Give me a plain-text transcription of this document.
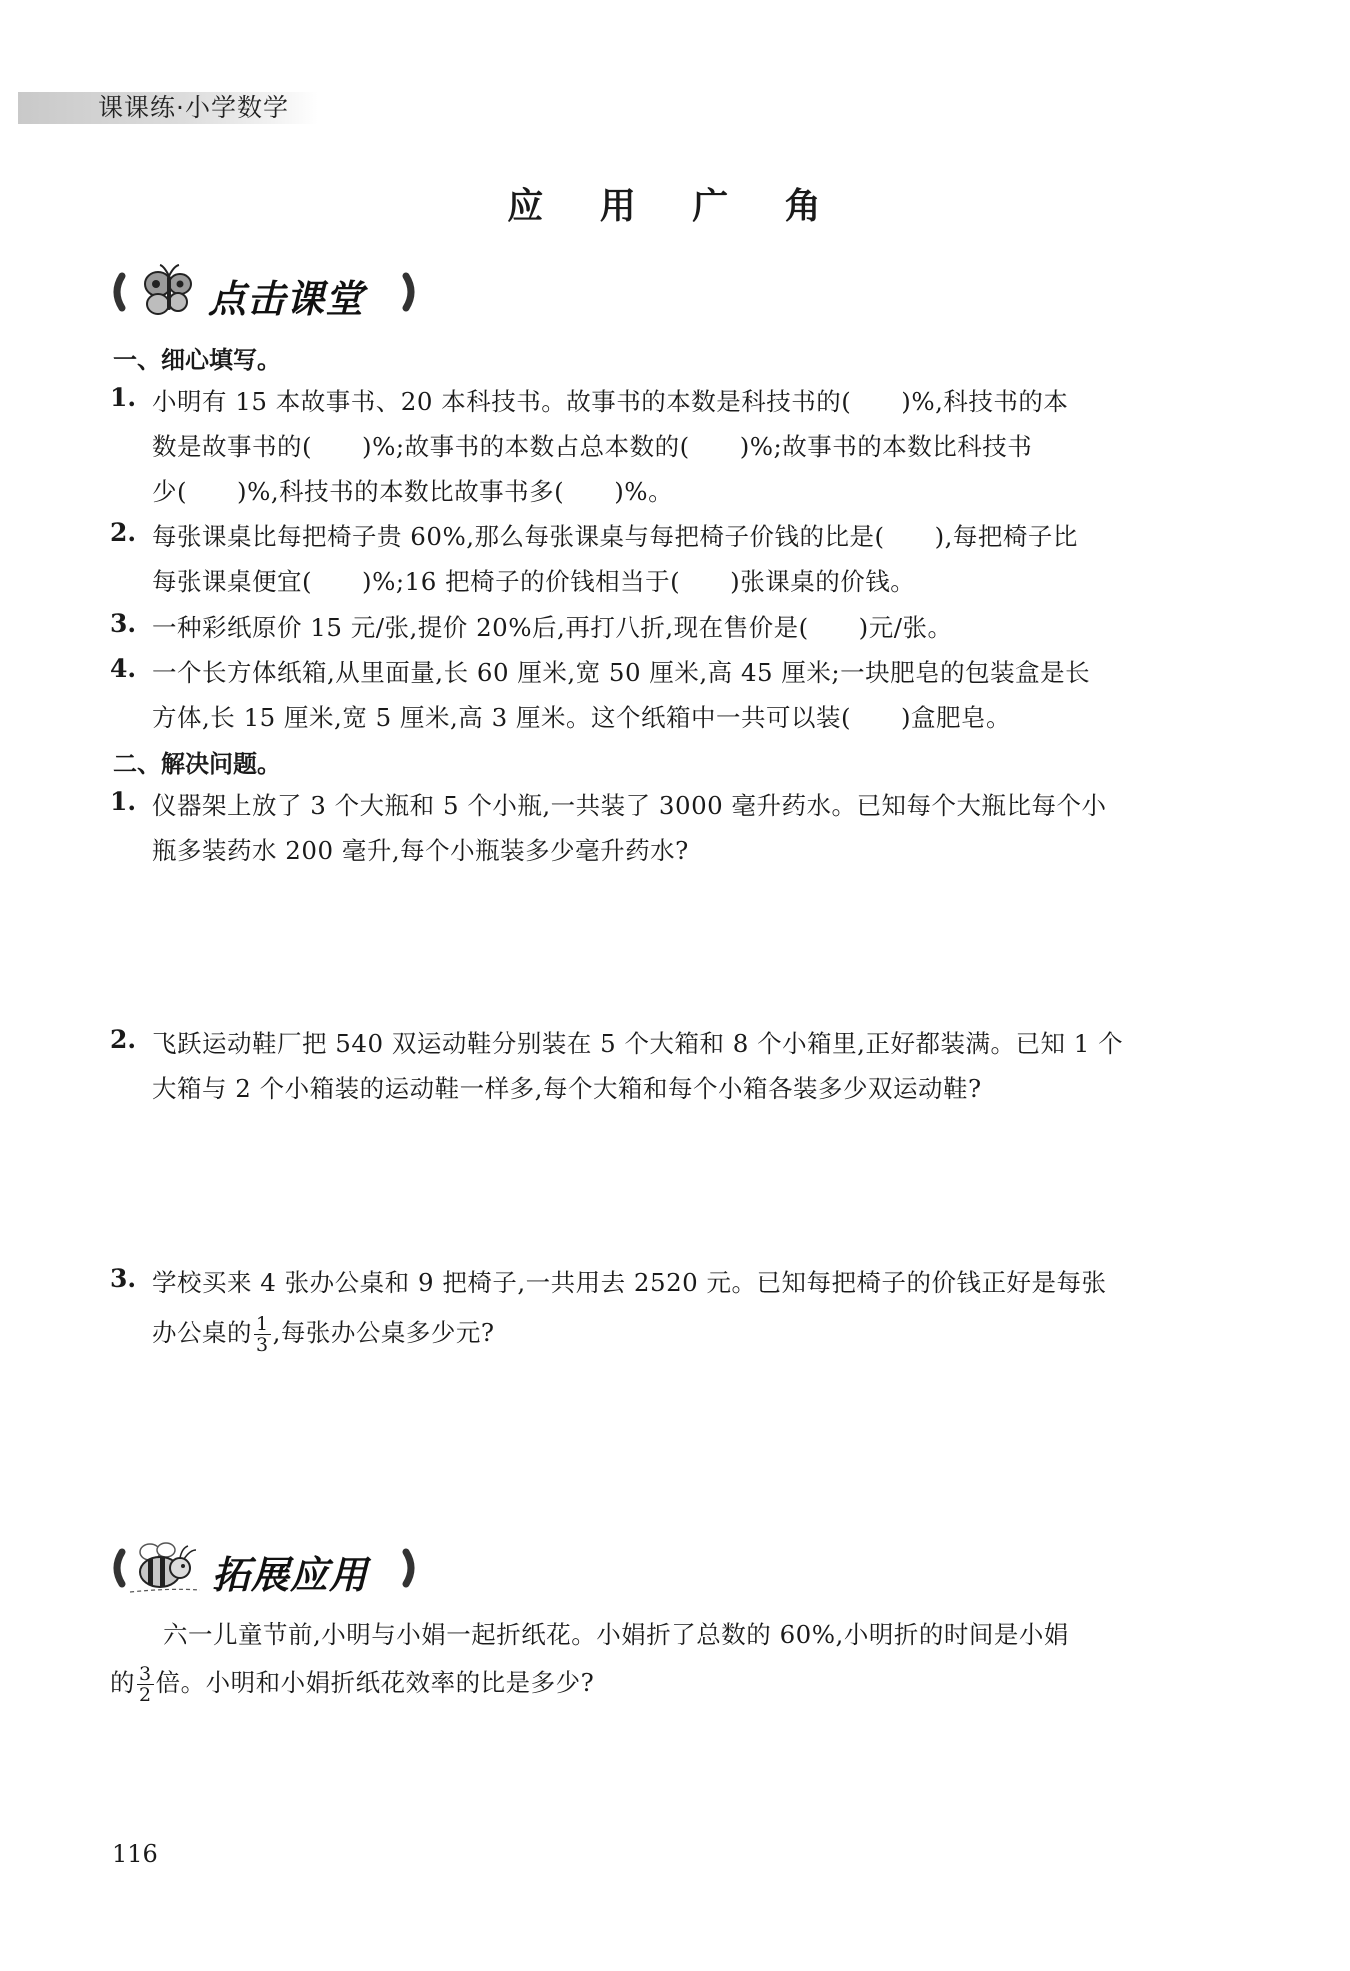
课课练·小学数学
应 用 广 角
点击课堂
一、细心填写。
1. 小明有 15 本故事书、20 本科技书。故事书的本数是科技书的(　　)%,科技书的本
数是故事书的(　　)%;故事书的本数占总本数的(　　)%;故事书的本数比科技书
少(　　)%,科技书的本数比故事书多(　　)%。
2. 每张课桌比每把椅子贵 60%,那么每张课桌与每把椅子价钱的比是(　　),每把椅子比
每张课桌便宜(　　)%;16 把椅子的价钱相当于(　　)张课桌的价钱。
3. 一种彩纸原价 15 元/张,提价 20%后,再打八折,现在售价是(　　)元/张。
4. 一个长方体纸箱,从里面量,长 60 厘米,宽 50 厘米,高 45 厘米;一块肥皂的包装盒是长
方体,长 15 厘米,宽 5 厘米,高 3 厘米。这个纸箱中一共可以装(　　)盒肥皂。
二、解决问题。
1. 仪器架上放了 3 个大瓶和 5 个小瓶,一共装了 3000 毫升药水。已知每个大瓶比每个小
瓶多装药水 200 毫升,每个小瓶装多少毫升药水?
2. 飞跃运动鞋厂把 540 双运动鞋分别装在 5 个大箱和 8 个小箱里,正好都装满。已知 1 个
大箱与 2 个小箱装的运动鞋一样多,每个大箱和每个小箱各装多少双运动鞋?
3. 学校买来 4 张办公桌和 9 把椅子,一共用去 2520 元。已知每把椅子的价钱正好是每张
办公桌的 $\frac{1}{3}$ ,每张办公桌多少元?
拓展应用
六一儿童节前,小明与小娟一起折纸花。小娟折了总数的 60%,小明折的时间是小娟
的 $\frac{3}{2}$ 倍。小明和小娟折纸花效率的比是多少?
116
